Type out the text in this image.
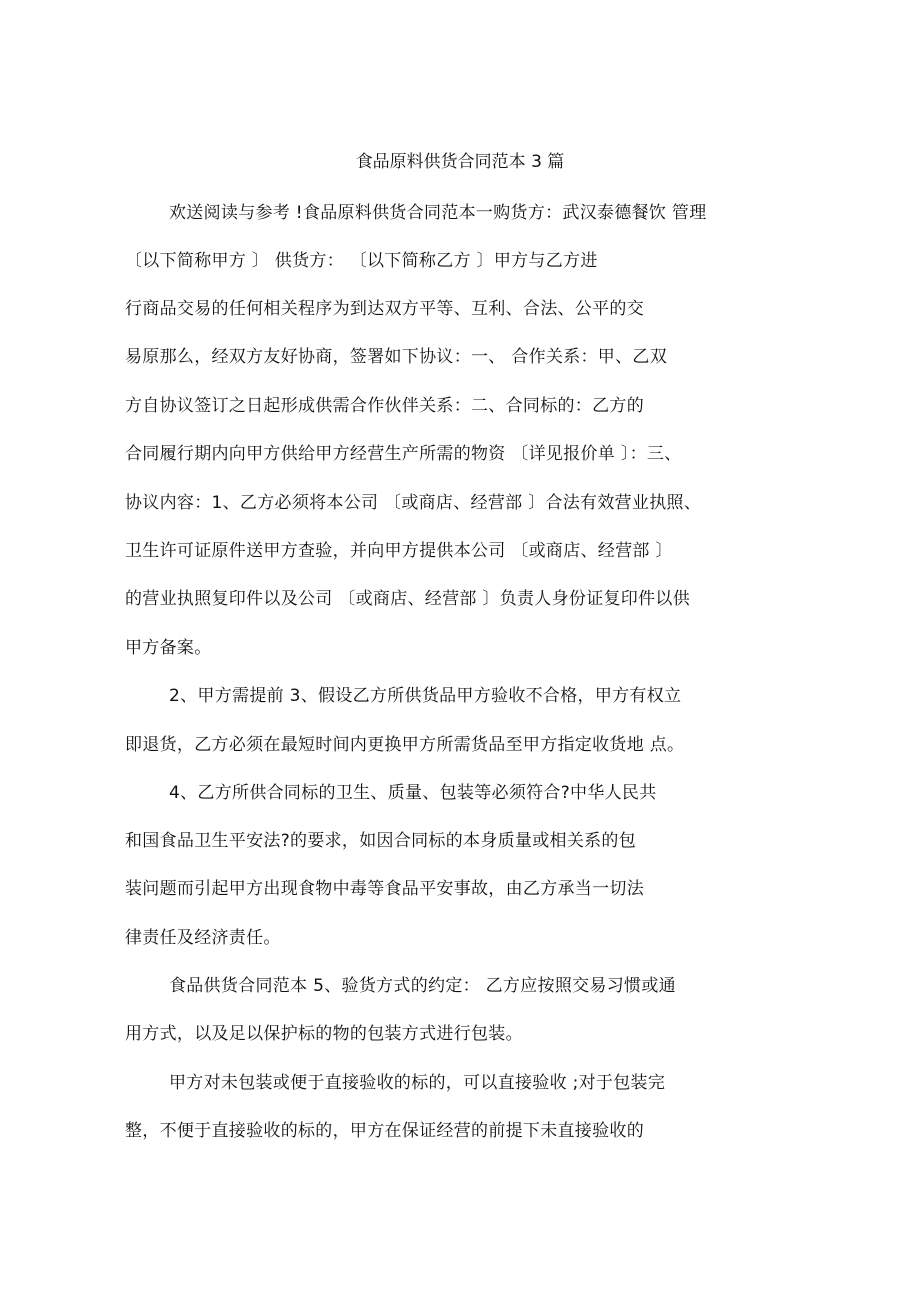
食品原料供货合同范本 3 篇
欢送阅读与参考 !食品原料供货合同范本一购货方：武汉泰德餐饮 管理
〔以下简称甲方 〕 供货方： 〔以下简称乙方 〕甲方与乙方进
行商品交易的任何相关程序为到达双方平等、互利、合法、公平的交
易原那么，经双方友好协商，签署如下协议：一、 合作关系：甲、乙双
方自协议签订之日起形成供需合作伙伴关系：二、合同标的：乙方的
合同履行期内向甲方供给甲方经营生产所需的物资 〔详见报价单 〕：三、
协议内容：1、乙方必须将本公司 〔或商店、经营部 〕合法有效营业执照、
卫生许可证原件送甲方查验，并向甲方提供本公司 〔或商店、经营部 〕
的营业执照复印件以及公司 〔或商店、经营部 〕负责人身份证复印件以供
甲方备案。
2、甲方需提前 3、假设乙方所供货品甲方验收不合格，甲方有权立
即退货，乙方必须在最短时间内更换甲方所需货品至甲方指定收货地 点。
4、乙方所供合同标的卫生、质量、包装等必须符合?中华人民共
和国食品卫生平安法?的要求，如因合同标的本身质量或相关系的包
装问题而引起甲方出现食物中毒等食品平安事故，由乙方承当一切法
律责任及经济责任。
食品供货合同范本 5、验货方式的约定： 乙方应按照交易习惯或通
用方式，以及足以保护标的物的包装方式进行包装。
甲方对未包装或便于直接验收的标的，可以直接验收 ;对于包装完
整，不便于直接验收的标的，甲方在保证经营的前提下未直接验收的
